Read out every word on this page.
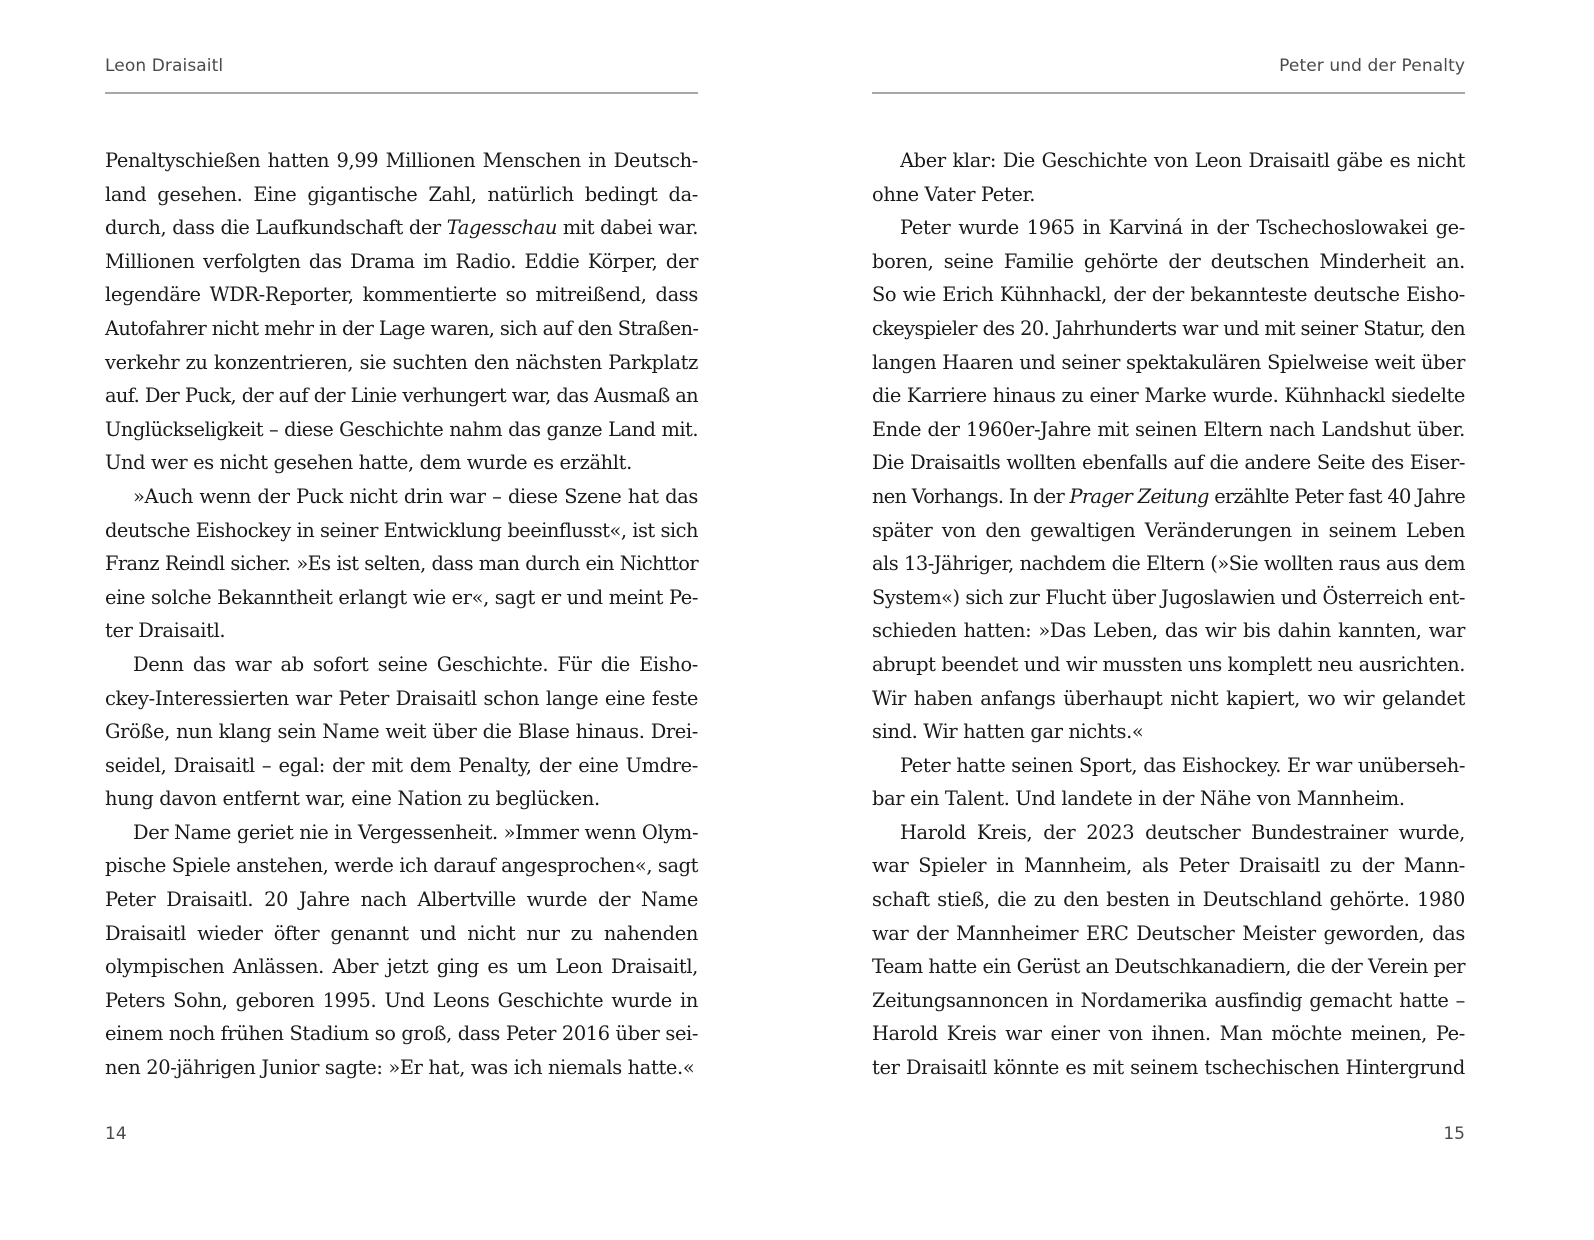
Leon Draisaitl
Penaltyschießen hatten 9,99 Millionen Menschen in Deutsch-
land gesehen. Eine gigantische Zahl, natürlich bedingt da-
durch, dass die Laufkundschaft der Tagesschau mit dabei war.
Millionen verfolgten das Drama im Radio. Eddie Körper, der
legendäre WDR-Reporter, kommentierte so mitreißend, dass
Autofahrer nicht mehr in der Lage waren, sich auf den Straßen-
verkehr zu konzentrieren, sie suchten den nächsten Parkplatz
auf. Der Puck, der auf der Linie verhungert war, das Ausmaß an
Unglückseligkeit – diese Geschichte nahm das ganze Land mit.
Und wer es nicht gesehen hatte, dem wurde es erzählt.
»Auch wenn der Puck nicht drin war – diese Szene hat das
deutsche Eishockey in seiner Entwicklung beeinflusst«, ist sich
Franz Reindl sicher. »Es ist selten, dass man durch ein Nichttor
eine solche Bekanntheit erlangt wie er«, sagt er und meint Pe-
ter Draisaitl.
Denn das war ab sofort seine Geschichte. Für die Eisho-
ckey-Interessierten war Peter Draisaitl schon lange eine feste
Größe, nun klang sein Name weit über die Blase hinaus. Drei-
seidel, Draisaitl – egal: der mit dem Penalty, der eine Umdre-
hung davon entfernt war, eine Nation zu beglücken.
Der Name geriet nie in Vergessenheit. »Immer wenn Olym-
pische Spiele anstehen, werde ich darauf angesprochen«, sagt
Peter Draisaitl. 20 Jahre nach Albertville wurde der Name
Draisaitl wieder öfter genannt und nicht nur zu nahenden
olympischen Anlässen. Aber jetzt ging es um Leon Draisaitl,
Peters Sohn, geboren 1995. Und Leons Geschichte wurde in
einem noch frühen Stadium so groß, dass Peter 2016 über sei-
nen 20-jährigen Junior sagte: »Er hat, was ich niemals hatte.«
14
Peter und der Penalty
Aber klar: Die Geschichte von Leon Draisaitl gäbe es nicht
ohne Vater Peter.
Peter wurde 1965 in Karviná in der Tschechoslowakei ge-
boren, seine Familie gehörte der deutschen Minderheit an.
So wie Erich Kühnhackl, der der bekannteste deutsche Eisho-
ckeyspieler des 20. Jahrhunderts war und mit seiner Statur, den
langen Haaren und seiner spektakulären Spielweise weit über
die Karriere hinaus zu einer Marke wurde. Kühnhackl siedelte
Ende der 1960er-Jahre mit seinen Eltern nach Landshut über.
Die Draisaitls wollten ebenfalls auf die andere Seite des Eiser-
nen Vorhangs. In der Prager Zeitung erzählte Peter fast 40 Jahre
später von den gewaltigen Veränderungen in seinem Leben
als 13-Jähriger, nachdem die Eltern (»Sie wollten raus aus dem
System«) sich zur Flucht über Jugoslawien und Österreich ent-
schieden hatten: »Das Leben, das wir bis dahin kannten, war
abrupt beendet und wir mussten uns komplett neu ausrichten.
Wir haben anfangs überhaupt nicht kapiert, wo wir gelandet
sind. Wir hatten gar nichts.«
Peter hatte seinen Sport, das Eishockey. Er war unüberseh-
bar ein Talent. Und landete in der Nähe von Mannheim.
Harold Kreis, der 2023 deutscher Bundestrainer wurde,
war Spieler in Mannheim, als Peter Draisaitl zu der Mann-
schaft stieß, die zu den besten in Deutschland gehörte. 1980
war der Mannheimer ERC Deutscher Meister geworden, das
Team hatte ein Gerüst an Deutschkanadiern, die der Verein per
Zeitungsannoncen in Nordamerika ausfindig gemacht hatte –
Harold Kreis war einer von ihnen. Man möchte meinen, Pe-
ter Draisaitl könnte es mit seinem tschechischen Hintergrund
15
